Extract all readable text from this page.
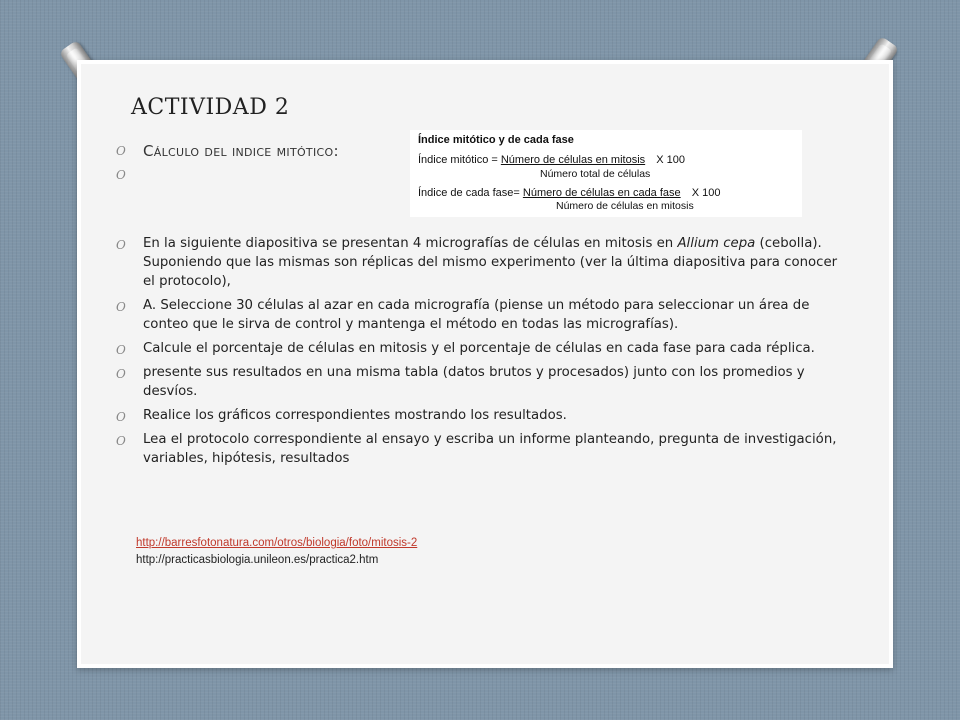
ACTIVIDAD 2
O Cálculo del indice mitótico:
O
Índice mitótico y de cada fase
Índice mitótico = Número de células en mitosis X 100
Número total de células
Índice de cada fase= Número de células en cada fase X 100
Número de células en mitosis
O En la siguiente diapositiva se presentan 4 micrografías de células en mitosis en Allium cepa (cebolla). Suponiendo que las mismas son réplicas del mismo experimento (ver la última diapositiva para conocer el protocolo),
O A. Seleccione 30 células al azar en cada micrografía (piense un método para seleccionar un área de conteo que le sirva de control y mantenga el método en todas las micrografías).
O Calcule el porcentaje de células en mitosis y el porcentaje de células en cada fase para cada réplica.
O presente sus resultados en una misma tabla (datos brutos y procesados) junto con los promedios y desvíos.
O Realice los gráficos correspondientes mostrando los resultados.
O Lea el protocolo correspondiente al ensayo y escriba un informe planteando, pregunta de investigación, variables, hipótesis, resultados
http://barresfotonatura.com/otros/biologia/foto/mitosis-2
http://practicasbiologia.unileon.es/practica2.htm
